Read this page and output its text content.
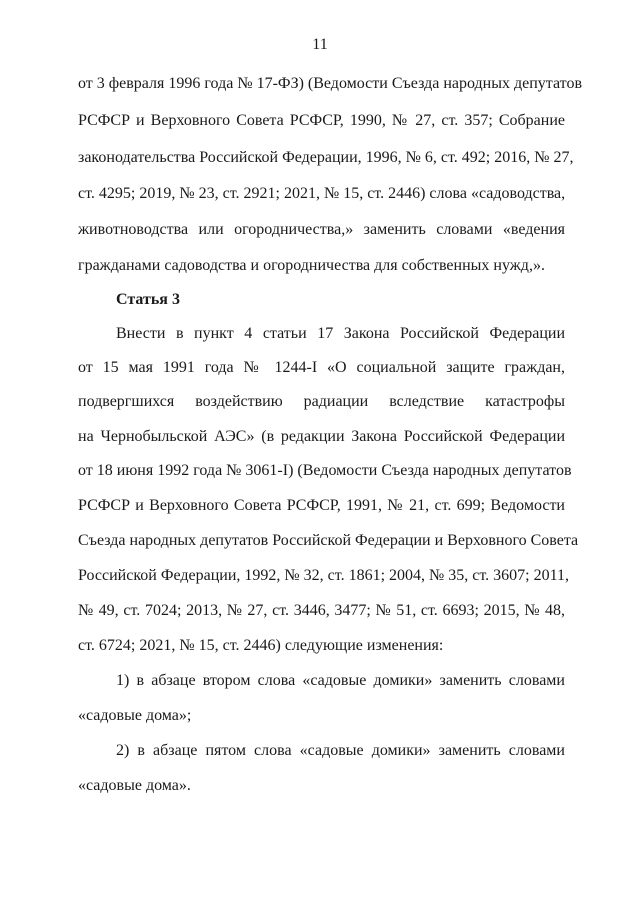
11
от 3 февраля 1996 года № 17-ФЗ) (Ведомости Съезда народных депутатов
РСФСР и Верховного Совета РСФСР, 1990, № 27, ст. 357; Собрание
законодательства Российской Федерации, 1996, № 6, ст. 492; 2016, № 27,
ст. 4295; 2019, № 23, ст. 2921; 2021, № 15, ст. 2446) слова «садоводства,
животноводства или огородничества,» заменить словами «ведения
гражданами садоводства и огородничества для собственных нужд,».
Статья 3
Внести в пункт 4 статьи 17 Закона Российской Федерации
от 15 мая 1991 года № 1244-I «О социальной защите граждан,
подвергшихся воздействию радиации вследствие катастрофы
на Чернобыльской АЭС» (в редакции Закона Российской Федерации
от 18 июня 1992 года № 3061-I) (Ведомости Съезда народных депутатов
РСФСР и Верховного Совета РСФСР, 1991, № 21, ст. 699; Ведомости
Съезда народных депутатов Российской Федерации и Верховного Совета
Российской Федерации, 1992, № 32, ст. 1861; 2004, № 35, ст. 3607; 2011,
№ 49, ст. 7024; 2013, № 27, ст. 3446, 3477; № 51, ст. 6693; 2015, № 48,
ст. 6724; 2021, № 15, ст. 2446) следующие изменения:
1) в абзаце втором слова «садовые домики» заменить словами
«садовые дома»;
2) в абзаце пятом слова «садовые домики» заменить словами
«садовые дома».
